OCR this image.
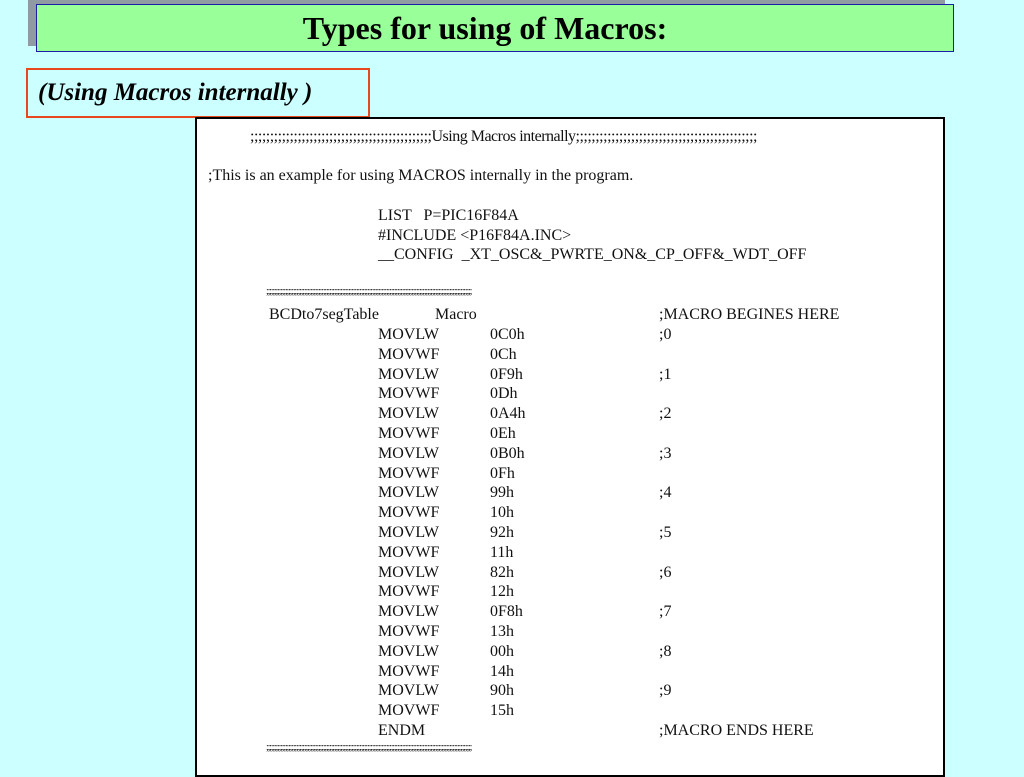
Types for using of Macros:
(Using Macros internally )
;;;;;;;;;;;;;;;;;;;;;;;;;;;;;;;;;;;;;;;;;;;;;;Using Macros internally;;;;;;;;;;;;;;;;;;;;;;;;;;;;;;;;;;;;;;;;;;;;;;
;This is an example for using MACROS internally in the program.
LIST   P=PIC16F84A
#INCLUDE <P16F84A.INC>
__CONFIG  _XT_OSC&_PWRTE_ON&_CP_OFF&_WDT_OFF
;;;;;;;;;;;;;;;;;;;;;;;;;;;;;;;;;;;;;;;;;;;;;;;;;;;;;;;;;;;;;;;;;;;;;;;;;;;;;;;;;;;;;;;;;;;;;;;;;;;;;;;;;;;;;;;;;;;;;;;;;;;;;;;;;;
BCDto7segTable	Macro	;MACRO BEGINES HERE
MOVLW	0C0h	;0
MOVWF	0Ch
MOVLW	0F9h	;1
MOVWF	0Dh
MOVLW	0A4h	;2
MOVWF	0Eh
MOVLW	0B0h	;3
MOVWF	0Fh
MOVLW	99h	;4
MOVWF	10h
MOVLW	92h	;5
MOVWF	11h
MOVLW	82h	;6
MOVWF	12h
MOVLW	0F8h	;7
MOVWF	13h
MOVLW	00h	;8
MOVWF	14h
MOVLW	90h	;9
MOVWF	15h
ENDM	;MACRO ENDS HERE
;;;;;;;;;;;;;;;;;;;;;;;;;;;;;;;;;;;;;;;;;;;;;;;;;;;;;;;;;;;;;;;;;;;;;;;;;;;;;;;;;;;;;;;;;;;;;;;;;;;;;;;;;;;;;;;;;;;;;;;;;;;;;;;;;;
